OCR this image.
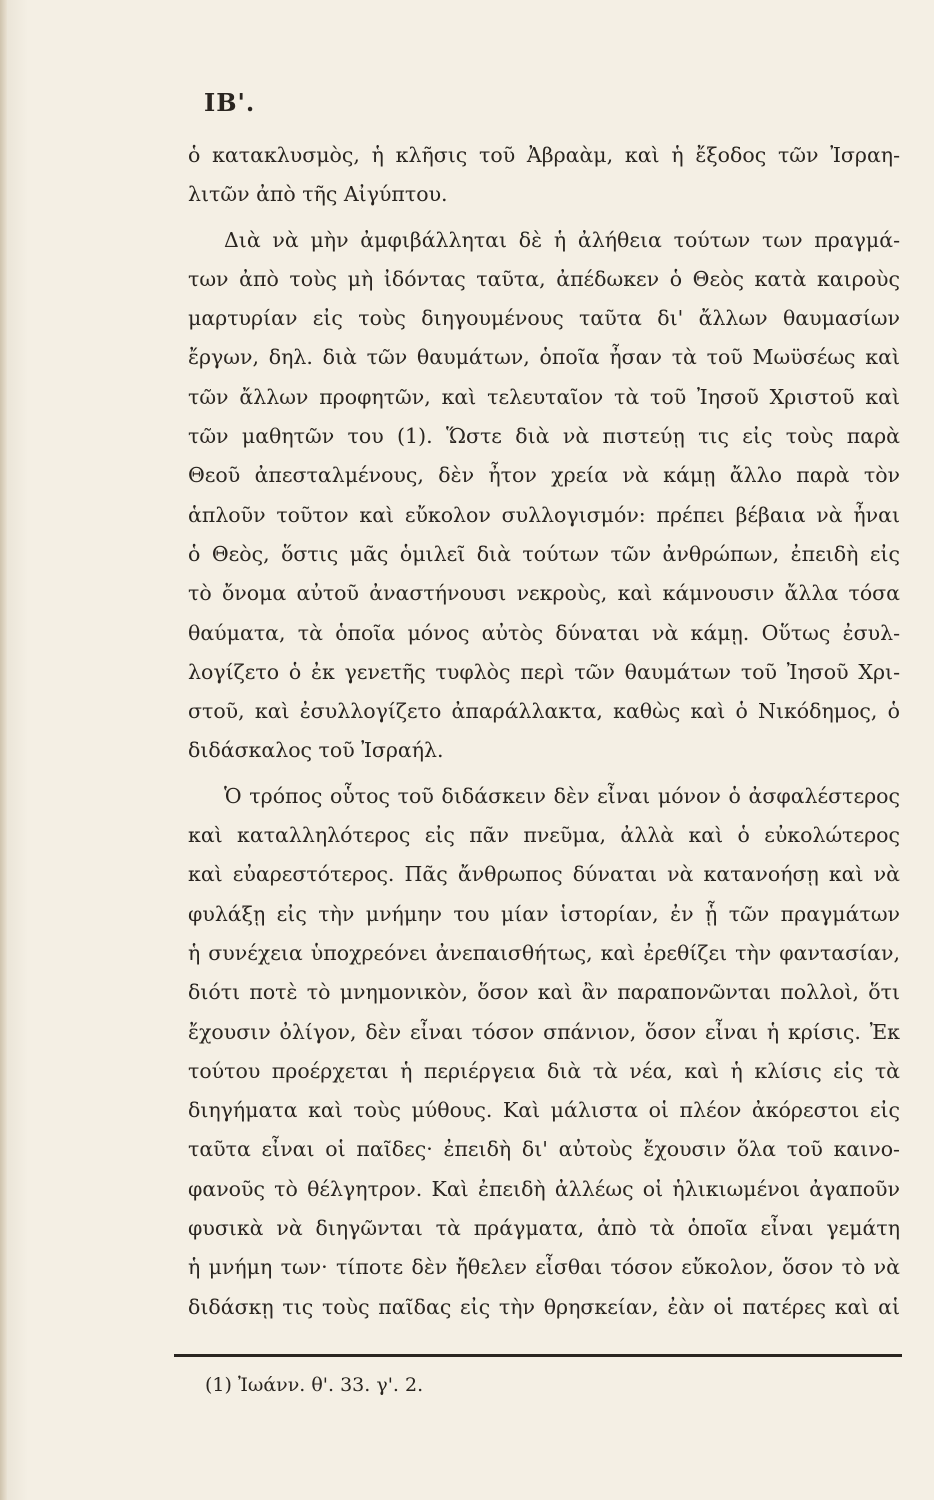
ΙΒ'.
ὁ κατακλυσμὸς, ἡ κλῆσις τοῦ Ἀβραὰμ, καὶ ἡ ἔξοδος τῶν Ἰσραη-
λιτῶν ἀπὸ τῆς Αἰγύπτου.
Διὰ νὰ μὴν ἀμφιβάλληται δὲ ἡ ἀλήθεια τούτων των πραγμά-
των ἀπὸ τοὺς μὴ ἰδόντας ταῦτα, ἀπέδωκεν ὁ Θεὸς κατὰ καιροὺς
μαρτυρίαν εἰς τοὺς διηγουμένους ταῦτα δι' ἄλλων θαυμασίων
ἔργων, δηλ. διὰ τῶν θαυμάτων, ὁποῖα ἦσαν τὰ τοῦ Μωϋσέως καὶ
τῶν ἄλλων προφητῶν, καὶ τελευταῖον τὰ τοῦ Ἰησοῦ Χριστοῦ καὶ
τῶν μαθητῶν του (1). Ὥστε διὰ νὰ πιστεύῃ τις εἰς τοὺς παρὰ
Θεοῦ ἀπεσταλμένους, δὲν ἦτον χρεία νὰ κάμῃ ἄλλο παρὰ τὸν
ἁπλοῦν τοῦτον καὶ εὔκολον συλλογισμόν: πρέπει βέβαια νὰ ἦναι
ὁ Θεὸς, ὅστις μᾶς ὁμιλεῖ διὰ τούτων τῶν ἀνθρώπων, ἐπειδὴ εἰς
τὸ ὄνομα αὐτοῦ ἀναστήνουσι νεκροὺς, καὶ κάμνουσιν ἄλλα τόσα
θαύματα, τὰ ὁποῖα μόνος αὐτὸς δύναται νὰ κάμῃ. Οὕτως ἐσυλ-
λογίζετο ὁ ἐκ γενετῆς τυφλὸς περὶ τῶν θαυμάτων τοῦ Ἰησοῦ Χρι-
στοῦ, καὶ ἐσυλλογίζετο ἀπαράλλακτα, καθὼς καὶ ὁ Νικόδημος, ὁ
διδάσκαλος τοῦ Ἰσραήλ.
Ὁ τρόπος οὗτος τοῦ διδάσκειν δὲν εἶναι μόνον ὁ ἀσφαλέστερος
καὶ καταλληλότερος εἰς πᾶν πνεῦμα, ἀλλὰ καὶ ὁ εὐκολώτερος
καὶ εὐαρεστότερος. Πᾶς ἄνθρωπος δύναται νὰ κατανοήσῃ καὶ νὰ
φυλάξῃ εἰς τὴν μνήμην του μίαν ἱστορίαν, ἐν ᾗ τῶν πραγμάτων
ἡ συνέχεια ὑποχρεόνει ἀνεπαισθήτως, καὶ ἐρεθίζει τὴν φαντασίαν,
διότι ποτὲ τὸ μνημονικὸν, ὅσον καὶ ἂν παραπονῶνται πολλοὶ, ὅτι
ἔχουσιν ὀλίγον, δὲν εἶναι τόσον σπάνιον, ὅσον εἶναι ἡ κρίσις. Ἐκ
τούτου προέρχεται ἡ περιέργεια διὰ τὰ νέα, καὶ ἡ κλίσις εἰς τὰ
διηγήματα καὶ τοὺς μύθους. Καὶ μάλιστα οἱ πλέον ἀκόρεστοι εἰς
ταῦτα εἶναι οἱ παῖδες· ἐπειδὴ δι' αὐτοὺς ἔχουσιν ὅλα τοῦ καινο-
φανοῦς τὸ θέλγητρον. Καὶ ἐπειδὴ ἀλλέως οἱ ἡλικιωμένοι ἀγαποῦν
φυσικὰ νὰ διηγῶνται τὰ πράγματα, ἀπὸ τὰ ὁποῖα εἶναι γεμάτη
ἡ μνήμη των· τίποτε δὲν ἤθελεν εἶσθαι τόσον εὔκολον, ὅσον τὸ νὰ
διδάσκῃ τις τοὺς παῖδας εἰς τὴν θρησκείαν, ἐὰν οἱ πατέρες καὶ αἱ
(1) Ἰωάνν. θ'. 33. γ'. 2.
